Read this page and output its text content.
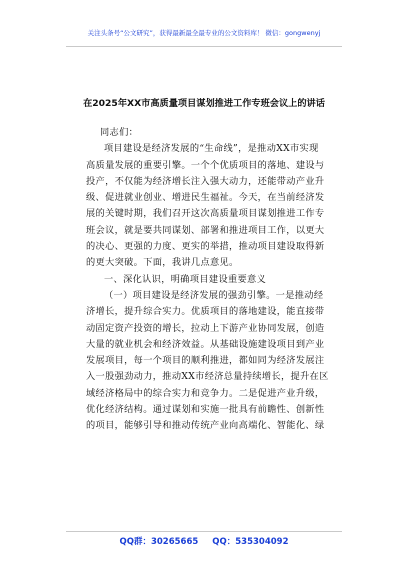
关注头条号“公文研究”，获得最新最全最专业的公文资料库！ 微信：gongwenyj
在2025年XX市高质量项目谋划推进工作专班会议上的讲话
同志们：
项目建设是经济发展的“生命线”，是推动XX市实现
高质量发展的重要引擎。一个个优质项目的落地、建设与
投产，不仅能为经济增长注入强大动力，还能带动产业升
级、促进就业创业、增进民生福祉。今天，在当前经济发
展的关键时期，我们召开这次高质量项目谋划推进工作专
班会议，就是要共同谋划、部署和推进项目工作，以更大
的决心、更强的力度、更实的举措，推动项目建设取得新
的更大突破。下面，我讲几点意见。
一、深化认识，明确项目建设重要意义
（一）项目建设是经济发展的强劲引擎。一是推动经
济增长，提升综合实力。优质项目的落地建设，能直接带
动固定资产投资的增长，拉动上下游产业协同发展，创造
大量的就业机会和经济效益。从基础设施建设项目到产业
发展项目，每一个项目的顺利推进，都如同为经济发展注
入一股强劲动力，推动XX市经济总量持续增长，提升在区
域经济格局中的综合实力和竞争力。二是促进产业升级，
优化经济结构。通过谋划和实施一批具有前瞻性、创新性
的项目，能够引导和推动传统产业向高端化、智能化、绿
QQ群：30265665 QQ：535304092
